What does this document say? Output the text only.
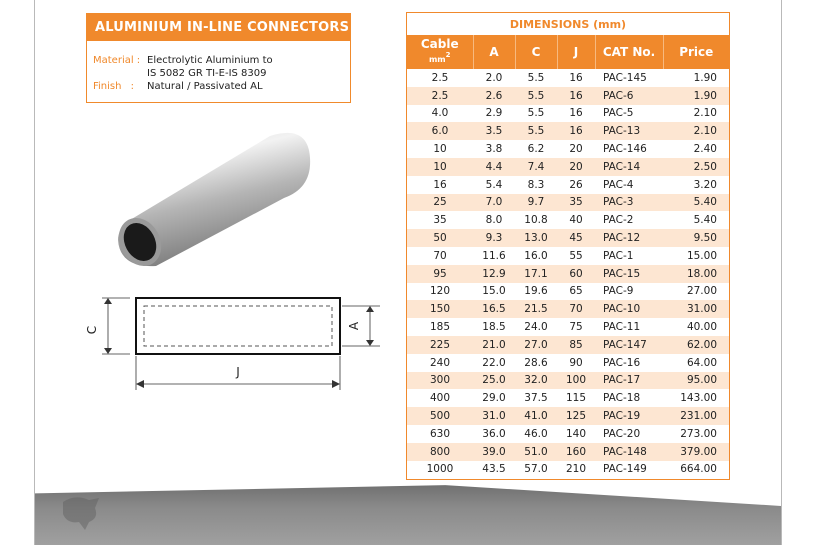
ALUMINIUM IN-LINE CONNECTORS
Material : Electrolytic Aluminium to
IS 5082 GR TI-E-IS 8309
Finish : Natural / Passivated AL
C	A
J
DIMENSIONS (mm)
Cable
$mm^2$	A	C	J	CAT No.	Price
2.5	2.0	5.5	16	PAC-145	1.90
2.5	2.6	5.5	16	PAC-6	1.90
4.0	2.9	5.5	16	PAC-5	2.10
6.0	3.5	5.5	16	PAC-13	2.10
10	3.8	6.2	20	PAC-146	2.40
10	4.4	7.4	20	PAC-14	2.50
16	5.4	8.3	26	PAC-4	3.20
25	7.0	9.7	35	PAC-3	5.40
35	8.0	10.8	40	PAC-2	5.40
50	9.3	13.0	45	PAC-12	9.50
70	11.6	16.0	55	PAC-1	15.00
95	12.9	17.1	60	PAC-15	18.00
120	15.0	19.6	65	PAC-9	27.00
150	16.5	21.5	70	PAC-10	31.00
185	18.5	24.0	75	PAC-11	40.00
225	21.0	27.0	85	PAC-147	62.00
240	22.0	28.6	90	PAC-16	64.00
300	25.0	32.0	100	PAC-17	95.00
400	29.0	37.5	115	PAC-18	143.00
500	31.0	41.0	125	PAC-19	231.00
630	36.0	46.0	140	PAC-20	273.00
800	39.0	51.0	160	PAC-148	379.00
1000	43.5	57.0	210	PAC-149	664.00
